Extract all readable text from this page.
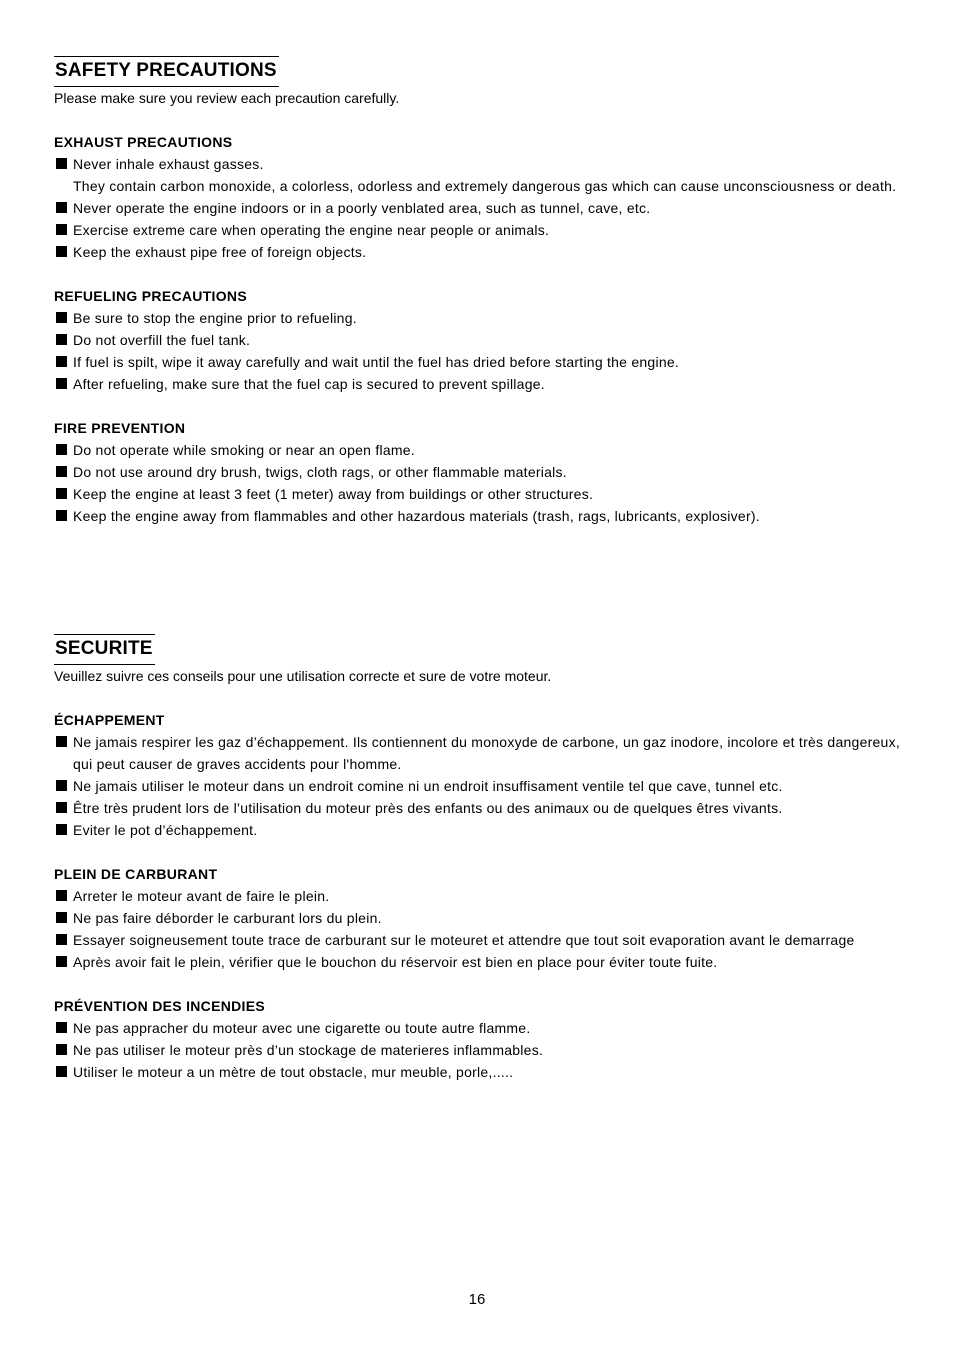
SAFETY PRECAUTIONS

Please make sure you review each precaution carefully.

EXHAUST PRECAUTIONS
Never inhale exhaust gasses.
They contain carbon monoxide, a colorless, odorless and extremely dangerous gas which can cause unconsciousness or death.
Never operate the engine indoors or in a poorly venblated area, such as tunnel, cave, etc.
Exercise extreme care when operating the engine near people or animals.
Keep the exhaust pipe free of foreign objects.
REFUELING PRECAUTIONS
Be sure to stop the engine prior to refueling.
Do not overfill the fuel tank.
If fuel is spilt, wipe it away carefully and wait until the fuel has dried before starting the engine.
After refueling, make sure that the fuel cap is secured to prevent spillage.
FIRE PREVENTION
Do not operate while smoking or near an open flame.
Do not use around dry brush, twigs, cloth rags, or other flammable materials.
Keep the engine at least 3 feet (1 meter) away from buildings or other structures.
Keep the engine away from flammables and other hazardous materials (trash, rags, lubricants, explosiver).
SECURITE

Veuillez suivre ces conseils pour une utilisation correcte et sure de votre moteur.

ÉCHAPPEMENT
Ne jamais respirer les gaz d’échappement. Ils contiennent du monoxyde de carbone, un gaz inodore, incolore et très dangereux, qui peut causer de graves accidents pour l'homme.
Ne jamais utiliser le moteur dans un endroit comine ni un endroit insuffisament ventile tel que cave, tunnel etc.
Être très prudent lors de l’utilisation du moteur près des enfants ou des animaux ou de quelques êtres vivants.
Eviter le pot d’échappement.
PLEIN DE CARBURANT
Arreter le moteur avant de faire le plein.
Ne pas faire déborder le carburant lors du plein.
Essayer soigneusement toute trace de carburant sur le moteuret et attendre que tout soit evaporation avant le demarrage
Après avoir fait le plein, vérifier que le bouchon du réservoir est bien en place pour éviter toute fuite.
PRÉVENTION DES INCENDIES
Ne pas appracher du moteur avec une cigarette ou toute autre flamme.
Ne pas utiliser le moteur près d’un stockage de materieres inflammables.
Utiliser le moteur a un mètre de tout obstacle, mur meuble, porle,.....
16
